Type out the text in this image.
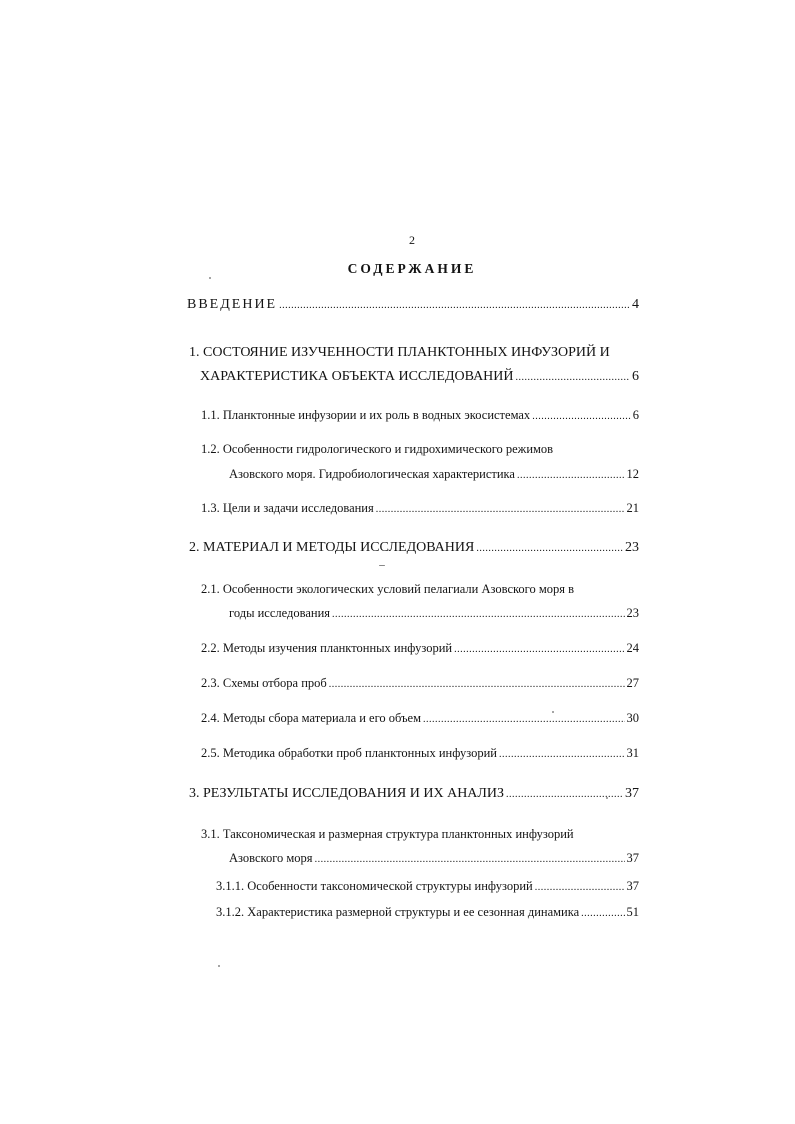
2
СОДЕРЖАНИЕ
ВВЕДЕНИЕ .....	4
1. СОСТОЯНИЕ ИЗУЧЕННОСТИ ПЛАНКТОННЫХ ИНФУЗОРИЙ И
ХАРАКТЕРИСТИКА ОБЪЕКТА ИССЛЕДОВАНИЙ .....	6
1.1. Планктонные инфузории и их роль в водных экосистемах .....	6
1.2. Особенности гидрологического и гидрохимического режимов
Азовского моря. Гидробиологическая характеристика .....	12
1.3. Цели и задачи исследования .....	21
2. МАТЕРИАЛ И МЕТОДЫ ИССЛЕДОВАНИЯ .....	23
2.1. Особенности экологических условий пелагиали Азовского моря в
годы исследования .....	23
2.2. Методы изучения планктонных инфузорий .....	24
2.3. Схемы отбора проб .....	27
2.4. Методы сбора материала и его объем .....	30
2.5. Методика обработки проб планктонных инфузорий .....	31
3. РЕЗУЛЬТАТЫ ИССЛЕДОВАНИЯ И ИХ АНАЛИЗ .....	37
3.1. Таксономическая и размерная структура планктонных инфузорий
Азовского моря .....	37
3.1.1. Особенности таксономической структуры инфузорий .....	37
3.1.2. Характеристика размерной структуры и ее сезонная динамика .....	51
